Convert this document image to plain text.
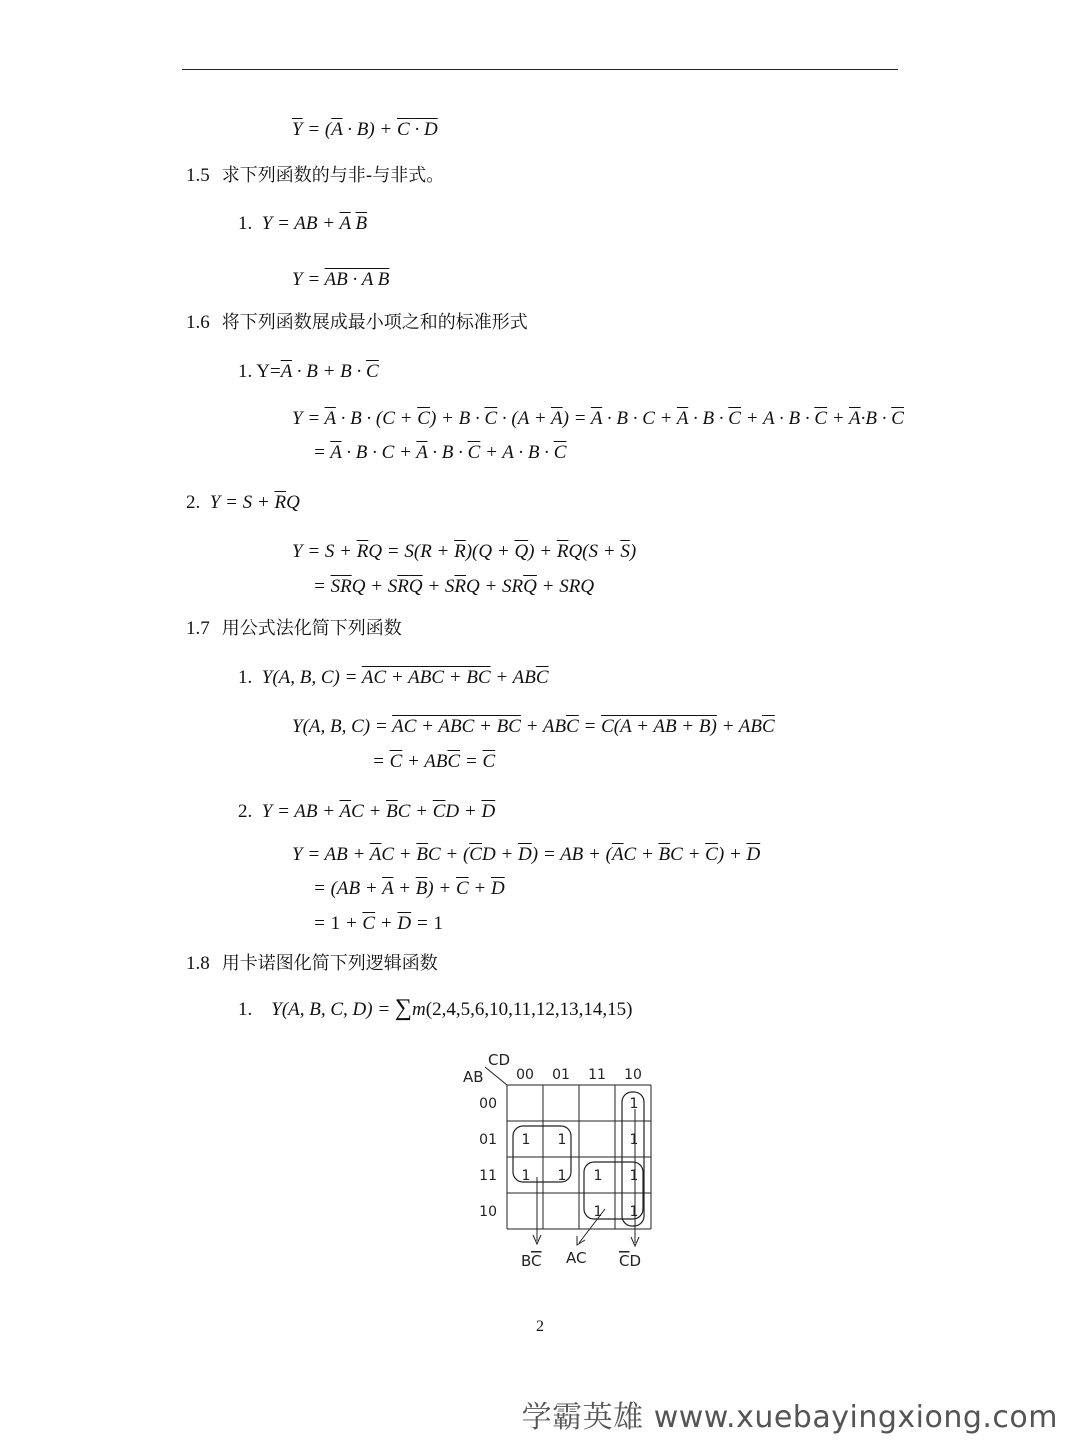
$\overline{Y} = (\overline{A} \cdot B) + C \cdot D$
1.5 求下列函数的与非-与非式。
1.  Y = AB + $\overline{A}$ $\overline{B}$
Y = AB · A B
1.6 将下列函数展成最小项之和的标准形式
1. $Y=\overline{A} \cdot B + B \cdot \overline{C}$
$Y = \overline{A} \cdot B \cdot (C + \overline{C}) + B \cdot \overline{C} \cdot (A + \overline{A}) = \overline{A} \cdot B \cdot C + \overline{A} \cdot B \cdot \overline{C} + A \cdot B \cdot \overline{C} + \overline{A}\cdot B \cdot \overline{C}$
= $\overline{A} \cdot B \cdot C + \overline{A} \cdot B \cdot \overline{C} + A \cdot B \cdot \overline{C}$
2.  $Y = S + \overline{R}Q$
$Y = S + \overline{R}Q = S(R + \overline{R})(Q + \overline{Q}) + \overline{R}Q(S + \overline{S})$
= $\overline{S}\overline{R}Q + S\overline{R}\overline{Q} + S\overline{R}Q + SR\overline{Q}$ + SRQ
1.7 用公式法化简下列函数
1.  Y(A, B, C) = AC + ABC + BC + $AB\overline{C}$
Y(A, B, C) = AC + ABC + BC + $AB\overline{C} = C(A$ + AB + $B) + AB\overline{C}$
= $\overline{C} + AB\overline{C} = \overline{C}$
2.  Y = AB + $\overline{A}C + \overline{B}C + \overline{C}D + \overline{D}$
Y = AB + $\overline{A}C + \overline{B}C + (\overline{C}D + \overline{D})$ = AB + $(\overline{A}C + \overline{B}C + \overline{C}) + \overline{D}$
= $(AB + \overline{A} + \overline{B}) + \overline{C} + \overline{D}$
= $1 + \overline{C} + \overline{D} = 1$
1.8 用卡诺图化简下列逻辑函数
1.    Y(A, B, C, D) = ∑m(2,4,5,6,10,11,12,13,14,15)
CD
AB 00 01 11 10
00
01
11
10
1
1 1	1
1 1 1 1
1 1
BC AC CD
2
学霸英雄 www.xuebayingxiong.com
